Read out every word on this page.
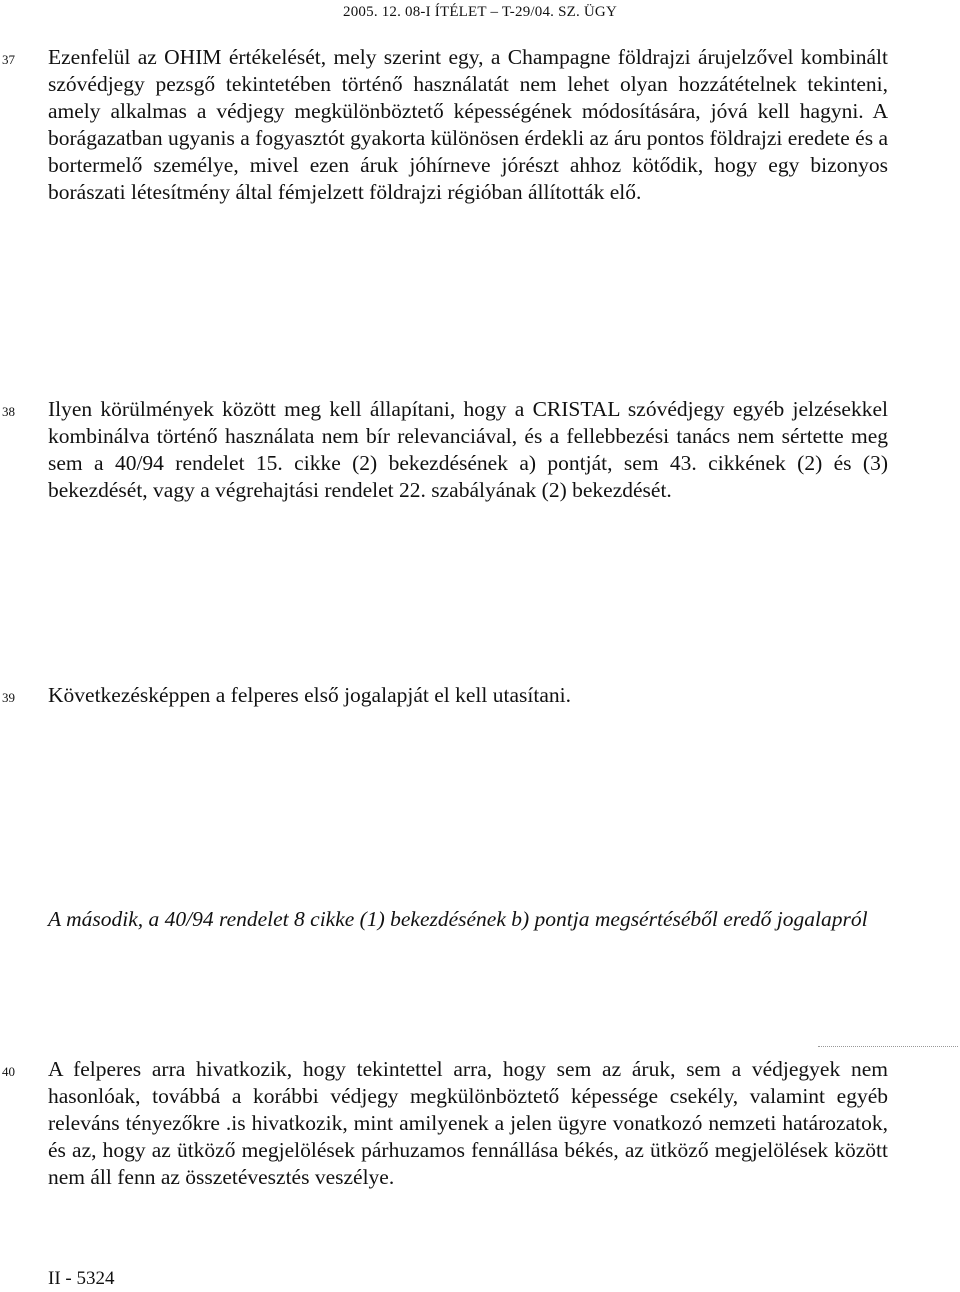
2005. 12. 08-I ÍTÉLET – T-29/04. SZ. ÜGY
37	Ezenfelül az OHIM értékelését, mely szerint egy, a Champagne földrajzi árujelzővel kombinált szóvédjegy pezsgő tekintetében történő használatát nem lehet olyan hozzátételnek tekinteni, amely alkalmas a védjegy megkülönböztető képességének módosítására, jóvá kell hagyni. A borágazatban ugyanis a fogyasztót gyakorta különösen érdekli az áru pontos földrajzi eredete és a bortermelő személye, mivel ezen áruk jóhírneve jórészt ahhoz kötődik, hogy egy bizonyos borászati létesítmény által fémjelzett földrajzi régióban állították elő.

38	Ilyen körülmények között meg kell állapítani, hogy a CRISTAL szóvédjegy egyéb jelzésekkel kombinálva történő használata nem bír relevanciával, és a fellebbezési tanács nem sértette meg sem a 40/94 rendelet 15. cikke (2) bekezdésének a) pontját, sem 43. cikkének (2) és (3) bekezdését, vagy a végrehajtási rendelet 22. szabályának (2) bekezdését.

39	Következésképpen a felperes első jogalapját el kell utasítani.

A második, a 40/94 rendelet 8 cikke (1) bekezdésének b) pontja megsértéséből eredő jogalapról

40	A felperes arra hivatkozik, hogy tekintettel arra, hogy sem az áruk, sem a védjegyek nem hasonlóak, továbbá a korábbi védjegy megkülönböztető képessége csekély, valamint egyéb releváns tényezőkre .is hivatkozik, mint amilyenek a jelen ügyre vonatkozó nemzeti határozatok, és az, hogy az ütköző megjelölések párhuzamos fennállása békés, az ütköző megjelölések között nem áll fenn az összetévesztés veszélye.

II - 5324
